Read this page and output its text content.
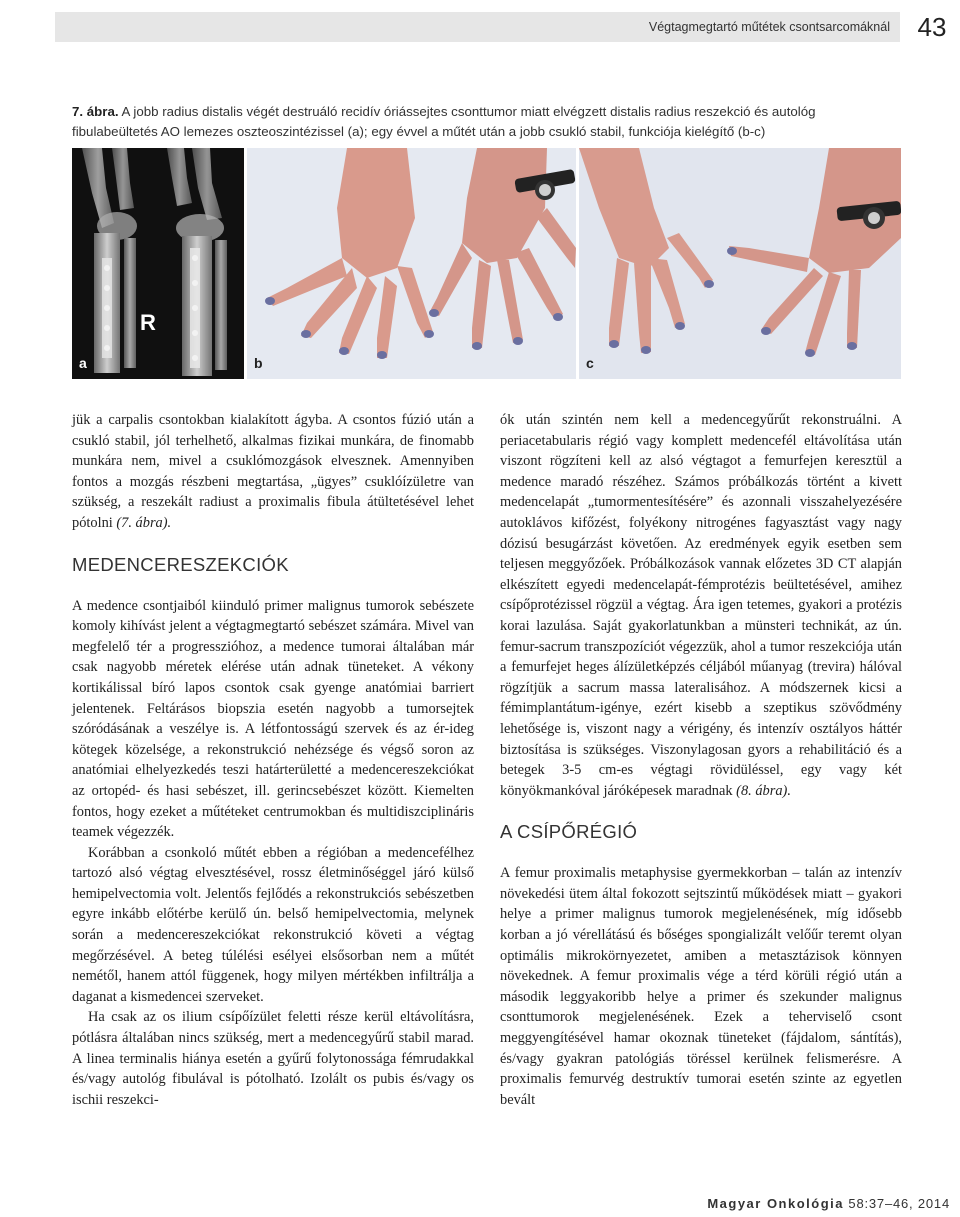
Végtagmegtartó műtétek csontsarcomáknál	43
7. ábra. A jobb radius distalis végét destruáló recidív óriássejtes csonttumor miatt elvégzett distalis radius reszekció és autológ fibulabeültetés AO lemezes oszteoszintézissel (a); egy évvel a műtét után a jobb csukló stabil, funkciója kielégítő (b-c)
R
a	b	c

jük a carpalis csontokban kialakított ágyba. A csontos fúzió után a csukló stabil, jól terhelhető, alkalmas fizikai munkára, de finomabb munkára nem, mivel a csuklómozgások elvesznek. Amennyiben fontos a mozgás részbeni megtartása, „ügyes” csuklóízületre van szükség, a reszekált radiust a proximalis fibula átültetésével lehet pótolni (7. ábra).

MEDENCERESZEKCIÓK

A medence csontjaiból kiinduló primer malignus tumorok sebészete komoly kihívást jelent a végtagmegtartó sebészet számára. Mivel van megfelelő tér a progresszióhoz, a medence tumorai általában már csak nagyobb méretek elérése után adnak tüneteket. A vékony kortikálissal bíró lapos csontok csak gyenge anatómiai barriert jelentenek. Feltárásos biopszia esetén nagyobb a tumorsejtek szóródásának a veszélye is. A létfontosságú szervek és az ér-ideg kötegek közelsége, a rekonstrukció nehézsége és végső soron az anatómiai elhelyezkedés teszi határterületté a medencereszekciókat az ortopéd- és hasi sebészet, ill. gerincsebészet között. Kiemelten fontos, hogy ezeket a műtéteket centrumokban és multidiszciplináris teamek végezzék.

Korábban a csonkoló műtét ebben a régióban a medencefélhez tartozó alsó végtag elvesztésével, rossz életminőséggel járó külső hemipelvectomia volt. Jelentős fejlődés a rekonstrukciós sebészetben egyre inkább előtérbe kerülő ún. belső hemipelvectomia, melynek során a medencereszekciókat rekonstrukció követi a végtag megőrzésével. A beteg túlélési esélyei elsősorban nem a műtét nemétől, hanem attól függenek, hogy milyen mértékben infiltrálja a daganat a kismedencei szerveket.

Ha csak az os ilium csípőízület feletti része kerül eltávolításra, pótlásra általában nincs szükség, mert a medencegyűrű stabil marad. A linea terminalis hiánya esetén a gyűrű folytonossága fémrudakkal és/vagy autológ fibulával is pótolható. Izolált os pubis és/vagy os ischii reszekci-

ók után szintén nem kell a medencegyűrűt rekonstruálni. A periacetabularis régió vagy komplett medencefél eltávolítása után viszont rögzíteni kell az alsó végtagot a femurfejen keresztül a medence maradó részéhez. Számos próbálkozás történt a kivett medencelapát „tumormentesítésére” és azonnali visszahelyezésére autoklávos kifőzést, folyékony nitrogénes fagyasztást vagy nagy dózisú besugárzást követően. Az eredmények egyik esetben sem teljesen meggyőzőek. Próbálkozások vannak előzetes 3D CT alapján elkészített egyedi medencelapát-fémprotézis beültetésével, amihez csípőprotézissel rögzül a végtag. Ára igen tetemes, gyakori a protézis korai lazulása. Saját gyakorlatunkban a münsteri technikát, az ún. femur-sacrum transzpozíciót végezzük, ahol a tumor reszekciója után a femurfejet heges álízületképzés céljából műanyag (trevira) hálóval rögzítjük a sacrum massa lateralisához. A módszernek kicsi a fémimplantátum-igénye, ezért kisebb a szeptikus szövődmény lehetősége is, viszont nagy a vérigény, és intenzív osztályos háttér biztosítása is szükséges. Viszonylagosan gyors a rehabilitáció és a betegek 3-5 cm-es végtagi rövidüléssel, egy vagy két könyökmankóval járóképesek maradnak (8. ábra).

A CSÍPŐRÉGIÓ

A femur proximalis metaphysise gyermekkorban – talán az intenzív növekedési ütem által fokozott sejtszintű működések miatt – gyakori helye a primer malignus tumorok megjelenésének, míg idősebb korban a jó vérellátású és bőséges spongializált velőűr teremt olyan optimális mikrokörnyezetet, amiben a metasztázisok könnyen növekednek. A femur proximalis vége a térd körüli régió után a második leggyakoribb helye a primer és szekunder malignus csonttumorok megjelenésének. Ezek a teherviselő csont meggyengítésével hamar okoznak tüneteket (fájdalom, sántítás), és/vagy gyakran patológiás töréssel kerülnek felismerésre. A proximalis femurvég destruktív tumorai esetén szinte az egyetlen bevált

Magyar Onkológia 58:37–46, 2014
